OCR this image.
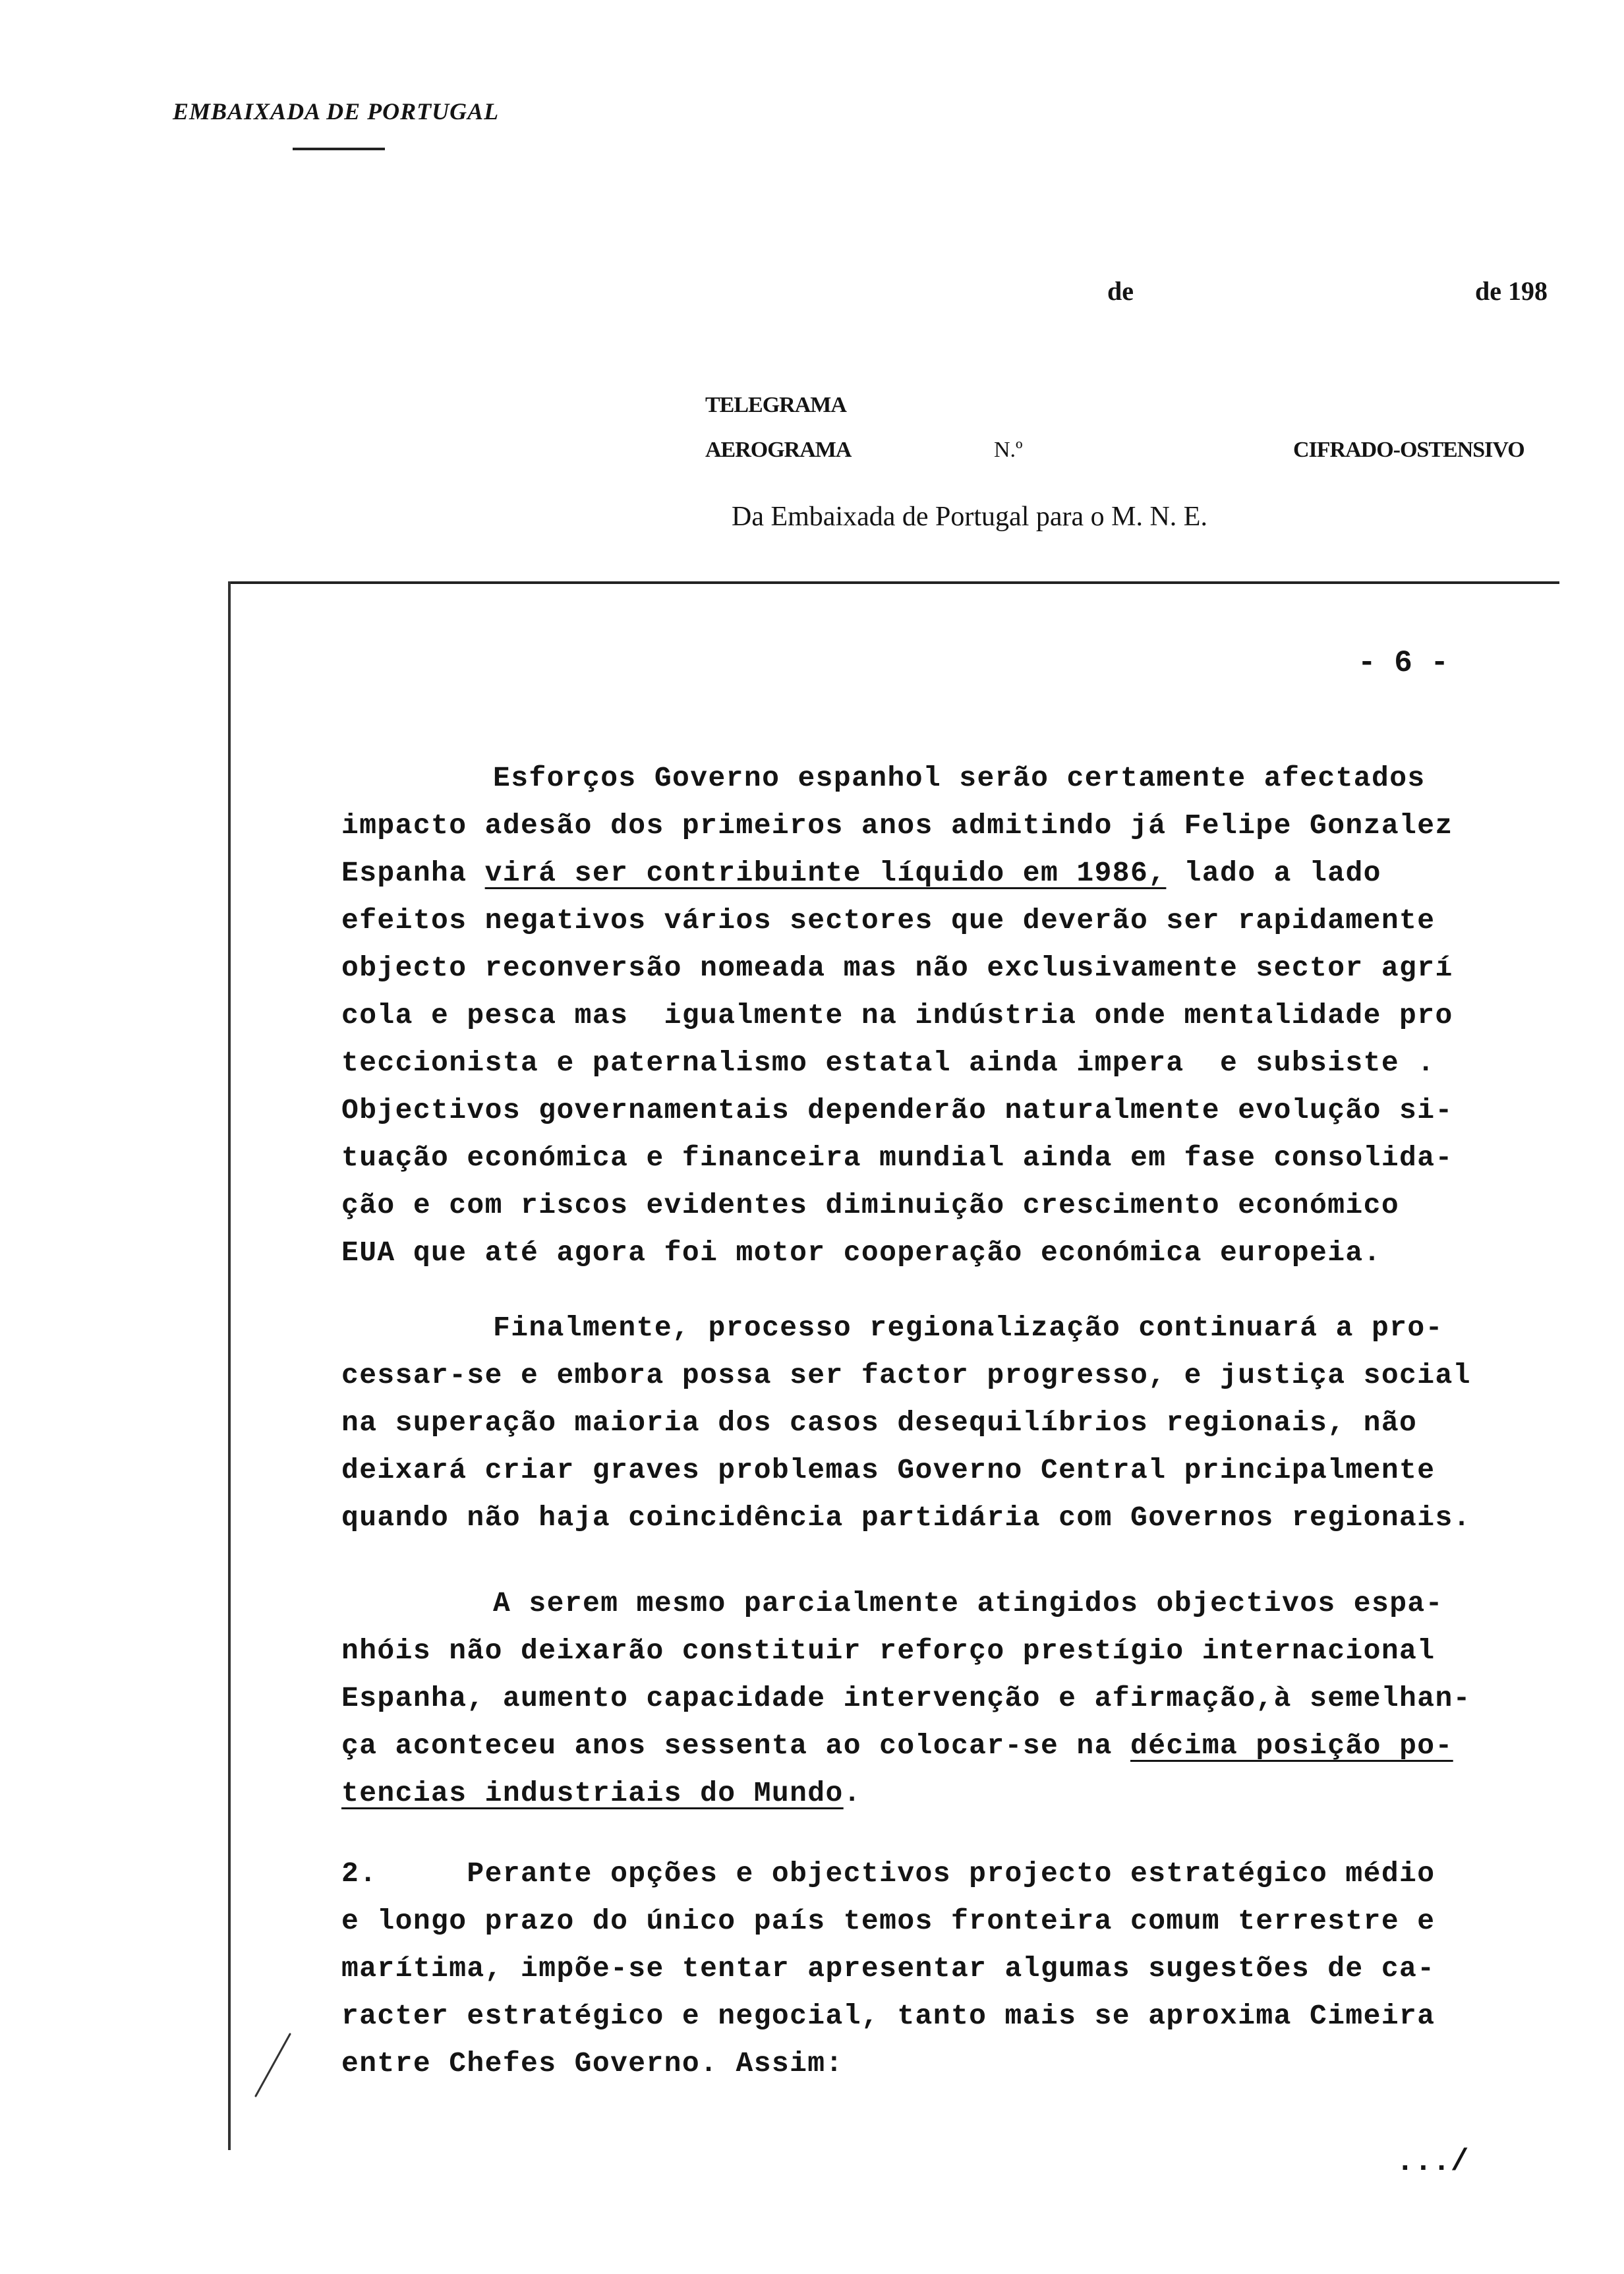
EMBAIXADA DE PORTUGAL
de	de 198
TELEGRAMA
AEROGRAMA	N.º	CIFRADO-OSTENSIVO
Da Embaixada de Portugal para o M. N. E.
- 6 -
Esforços Governo espanhol serão certamente afectados
impacto adesão dos primeiros anos admitindo já Felipe Gonzalez
Espanha virá ser contribuinte líquido em 1986, lado a lado
efeitos negativos vários sectores que deverão ser rapidamente
objecto reconversão nomeada mas não exclusivamente sector agrí
cola e pesca mas  igualmente na indústria onde mentalidade pro
teccionista e paternalismo estatal ainda impera  e subsiste .
Objectivos governamentais dependerão naturalmente evolução si-
tuação económica e financeira mundial ainda em fase consolida-
ção e com riscos evidentes diminuição crescimento económico
EUA que até agora foi motor cooperação económica europeia.
Finalmente, processo regionalização continuará a pro-
cessar-se e embora possa ser factor progresso, e justiça social
na superação maioria dos casos desequilíbrios regionais, não
deixará criar graves problemas Governo Central principalmente
quando não haja coincidência partidária com Governos regionais.
A serem mesmo parcialmente atingidos objectivos espa-
nhóis não deixarão constituir reforço prestígio internacional
Espanha, aumento capacidade intervenção e afirmação,à semelhan-
ça aconteceu anos sessenta ao colocar-se na décima posição po-
tencias industriais do Mundo.
2.     Perante opções e objectivos projecto estratégico médio
e longo prazo do único país temos fronteira comum terrestre e
marítima, impõe-se tentar apresentar algumas sugestões de ca-
racter estratégico e negocial, tanto mais se aproxima Cimeira
entre Chefes Governo. Assim:
.../
